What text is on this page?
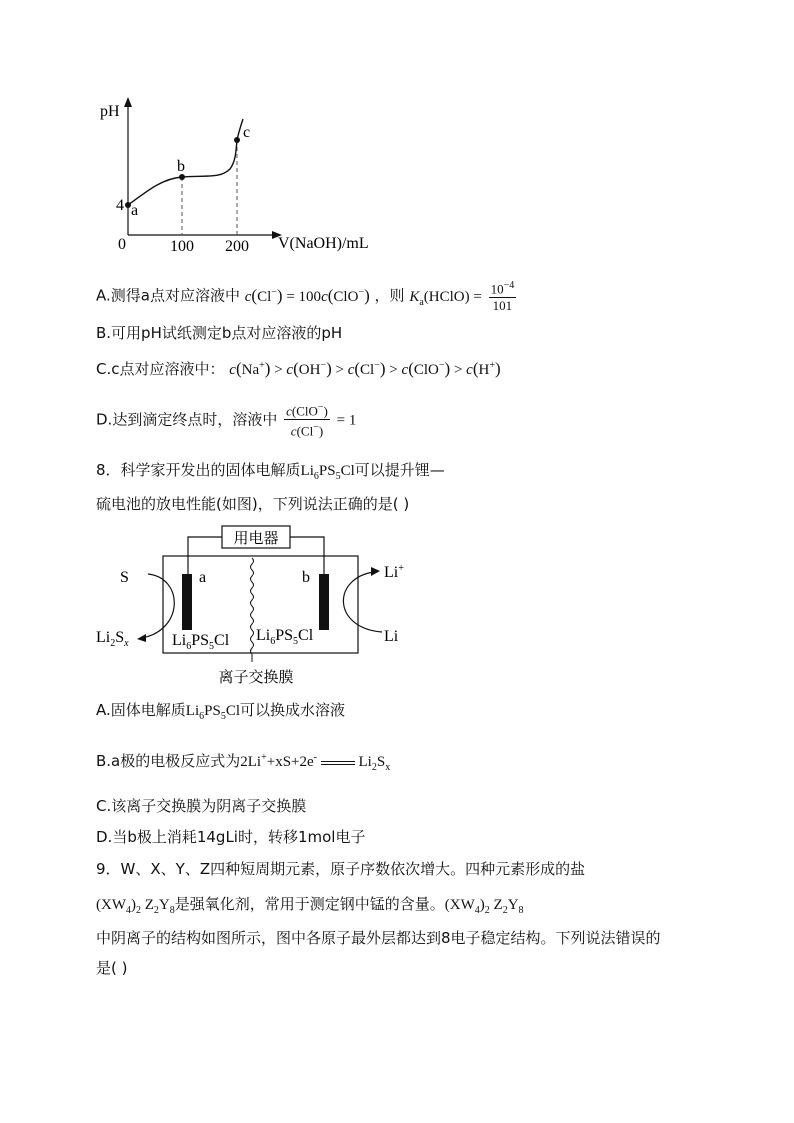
pH
4 a
b
c
0	100 200 V(NaOH)/mL
A.测得a点对应溶液中 c(Cl−) = 100c(ClO−) ，则 $K_a(HClO) = \frac{10^{-4}}{101}$
B.可用pH试纸测定b点对应溶液的pH
C.c点对应溶液中： c(Na+) > c(OH−) > c(Cl−) > c(ClO−) > c(H+)
D.达到滴定终点时，溶液中 $\frac{c(ClO^-)}{c(Cl^-)} = 1$
8．科学家开发出的固体电解质$Li_6PS_5Cl$可以提升锂—
硫电池的放电性能(如图)，下列说法正确的是( )
用电器
a	b
S
$Li_2S_x$
Li+
Li
$Li_6PS_5Cl$ $Li_6PS_5Cl$
离子交换膜
A.固体电解质$Li_6PS_5Cl$可以换成水溶液
B.a极的电极反应式为2Li++xS+2e-	$Li_2S_x$
C.该离子交换膜为阴离子交换膜
D.当b极上消耗14gLi时，转移1mol电子
9．W、X、Y、Z四种短周期元素，原子序数依次增大。四种元素形成的盐
$(XW_4)_2$ $Z_2Y_8$是强氧化剂，常用于测定钢中锰的含量。$(XW_4)_2$ $Z_2Y_8$
中阴离子的结构如图所示，图中各原子最外层都达到8电子稳定结构。下列说法错误的
是( )
